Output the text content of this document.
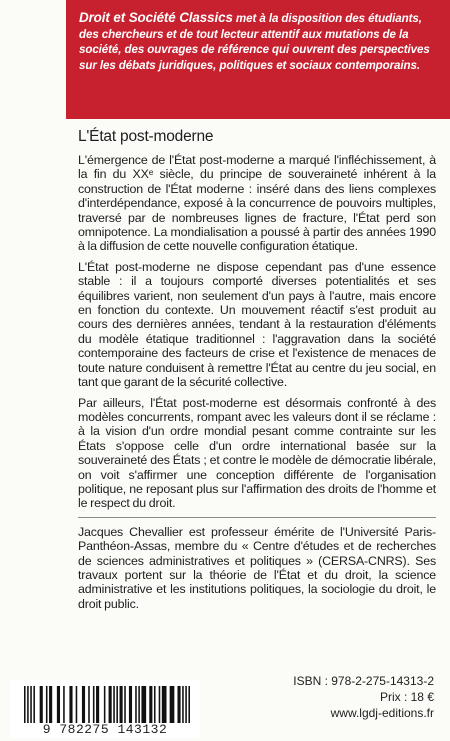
Droit et Société Classics met à la disposition des étudiants, des chercheurs et de tout lecteur attentif aux mutations de la société, des ouvrages de référence qui ouvrent des perspectives sur les débats juridiques, politiques et sociaux contemporains.

L'État post-moderne

L'émergence de l'État post-moderne a marqué l'infléchissement, à la fin du XXᵉ siècle, du principe de souveraineté inhérent à la construction de l'État moderne : inséré dans des liens complexes d'interdépendance, exposé à la concurrence de pouvoirs multiples, traversé par de nombreuses lignes de fracture, l'État perd son omnipotence. La mondialisation a poussé à partir des années 1990 à la diffusion de cette nouvelle configuration étatique.

L'État post-moderne ne dispose cependant pas d'une essence stable : il a toujours comporté diverses potentialités et ses équilibres varient, non seulement d'un pays à l'autre, mais encore en fonction du contexte. Un mouvement réactif s'est produit au cours des dernières années, tendant à la restauration d'éléments du modèle étatique traditionnel : l'aggravation dans la société contemporaine des facteurs de crise et l'existence de menaces de toute nature conduisent à remettre l'État au centre du jeu social, en tant que garant de la sécurité collective.

Par ailleurs, l'État post-moderne est désormais confronté à des modèles concurrents, rompant avec les valeurs dont il se réclame : à la vision d'un ordre mondial pesant comme contrainte sur les États s'oppose celle d'un ordre international basée sur la souveraineté des États ; et contre le modèle de démocratie libérale, on voit s'affirmer une conception différente de l'organisation politique, ne reposant plus sur l'affirmation des droits de l'homme et le respect du droit.

Jacques Chevallier est professeur émérite de l'Université Paris-Panthéon-Assas, membre du « Centre d'études et de recherches de sciences administratives et politiques » (CERSA-CNRS). Ses travaux portent sur la théorie de l'État et du droit, la science administrative et les institutions politiques, la sociologie du droit, le droit public.

9 782275 143132
ISBN : 978-2-275-14313-2
Prix : 18 €
www.lgdj-editions.fr
